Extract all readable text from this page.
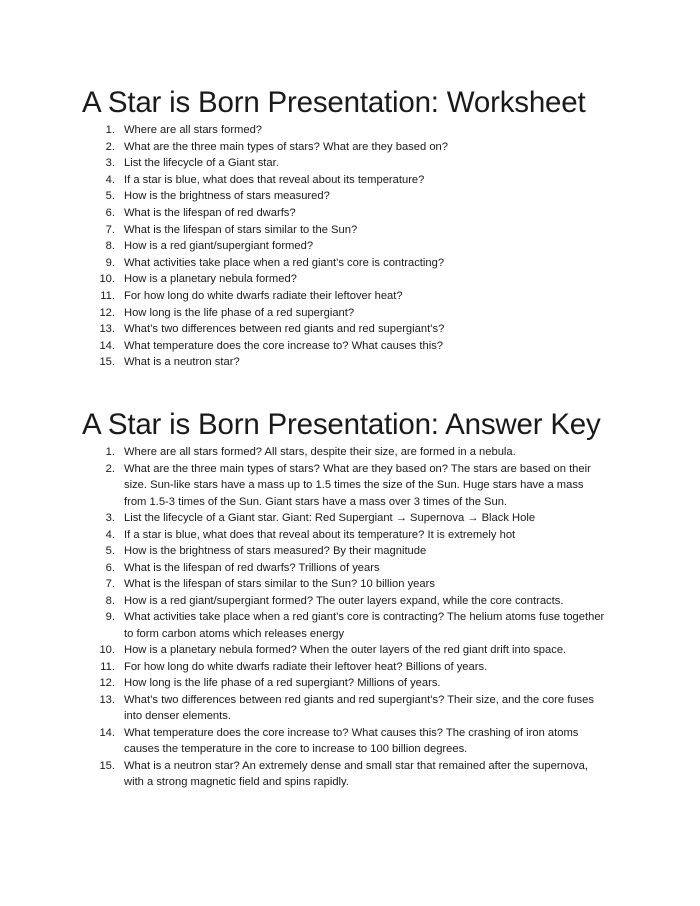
A Star is Born Presentation: Worksheet
1. Where are all stars formed?
2. What are the three main types of stars? What are they based on?
3. List the lifecycle of a Giant star.
4. If a star is blue, what does that reveal about its temperature?
5. How is the brightness of stars measured?
6. What is the lifespan of red dwarfs?
7. What is the lifespan of stars similar to the Sun?
8. How is a red giant/supergiant formed?
9. What activities take place when a red giant’s core is contracting?
10. How is a planetary nebula formed?
11. For how long do white dwarfs radiate their leftover heat?
12. How long is the life phase of a red supergiant?
13. What’s two differences between red giants and red supergiant’s?
14. What temperature does the core increase to? What causes this?
15. What is a neutron star?
A Star is Born Presentation: Answer Key
1. Where are all stars formed? All stars, despite their size, are formed in a nebula.
2. What are the three main types of stars? What are they based on? The stars are based on their size. Sun-like stars have a mass up to 1.5 times the size of the Sun. Huge stars have a mass from 1.5-3 times of the Sun. Giant stars have a mass over 3 times of the Sun.
3. List the lifecycle of a Giant star. Giant: Red Supergiant → Supernova → Black Hole
4. If a star is blue, what does that reveal about its temperature? It is extremely hot
5. How is the brightness of stars measured? By their magnitude
6. What is the lifespan of red dwarfs? Trillions of years
7. What is the lifespan of stars similar to the Sun? 10 billion years
8. How is a red giant/supergiant formed? The outer layers expand, while the core contracts.
9. What activities take place when a red giant’s core is contracting? The helium atoms fuse together to form carbon atoms which releases energy
10. How is a planetary nebula formed? When the outer layers of the red giant drift into space.
11. For how long do white dwarfs radiate their leftover heat? Billions of years.
12. How long is the life phase of a red supergiant? Millions of years.
13. What’s two differences between red giants and red supergiant’s? Their size, and the core fuses into denser elements.
14. What temperature does the core increase to? What causes this? The crashing of iron atoms causes the temperature in the core to increase to 100 billion degrees.
15. What is a neutron star? An extremely dense and small star that remained after the supernova, with a strong magnetic field and spins rapidly.
